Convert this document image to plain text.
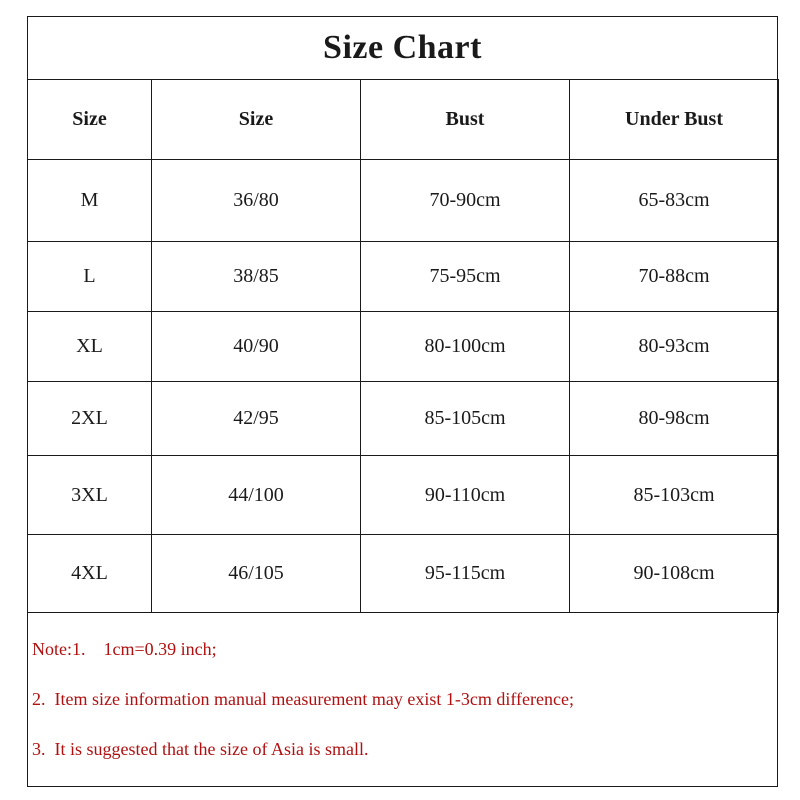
Size Chart
Size	Size	Bust	Under Bust
M	36/80	70-90cm	65-83cm
L	38/85	75-95cm	70-88cm
XL	40/90	80-100cm	80-93cm
2XL	42/95	85-105cm	80-98cm
3XL	44/100	90-110cm	85-103cm
4XL	46/105	95-115cm	90-108cm
Note:1.    1cm=0.39 inch;
2.  Item size information manual measurement may exist 1-3cm difference;
3.  It is suggested that the size of Asia is small.
